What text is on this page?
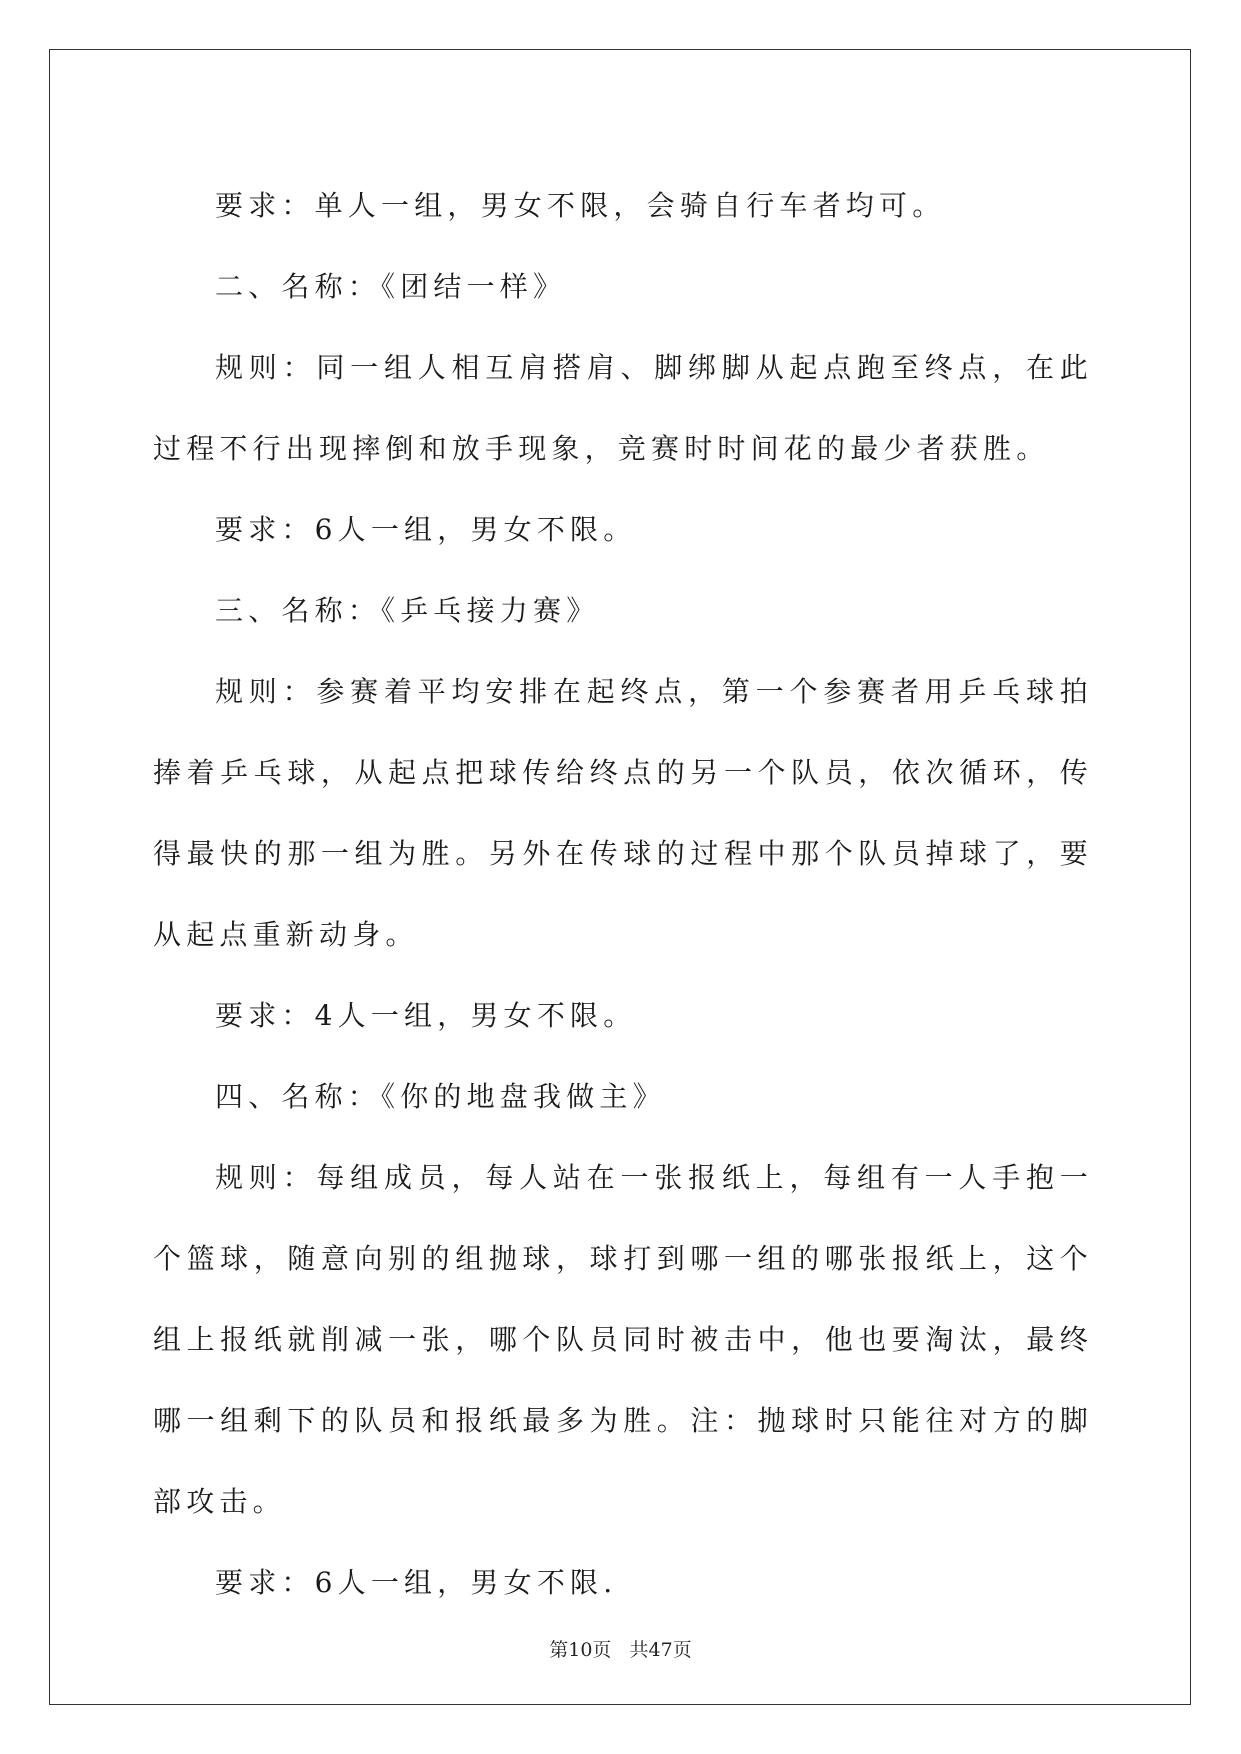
要求：单人一组，男女不限，会骑自行车者均可。

二、名称：《团结一样》

规则：同一组人相互肩搭肩、脚绑脚从起点跑至终点，在此过程不行出现摔倒和放手现象，竞赛时时间花的最少者获胜。

要求：6人一组，男女不限。

三、名称：《乒乓接力赛》

规则：参赛着平均安排在起终点，第一个参赛者用乒乓球拍捧着乒乓球，从起点把球传给终点的另一个队员，依次循环，传得最快的那一组为胜。另外在传球的过程中那个队员掉球了，要从起点重新动身。

要求：4人一组，男女不限。

四、名称：《你的地盘我做主》

规则：每组成员，每人站在一张报纸上，每组有一人手抱一个篮球，随意向别的组抛球，球打到哪一组的哪张报纸上，这个组上报纸就削减一张，哪个队员同时被击中，他也要淘汰，最终哪一组剩下的队员和报纸最多为胜。注：抛球时只能往对方的脚部攻击。

要求：6人一组，男女不限.

第10页   共47页
